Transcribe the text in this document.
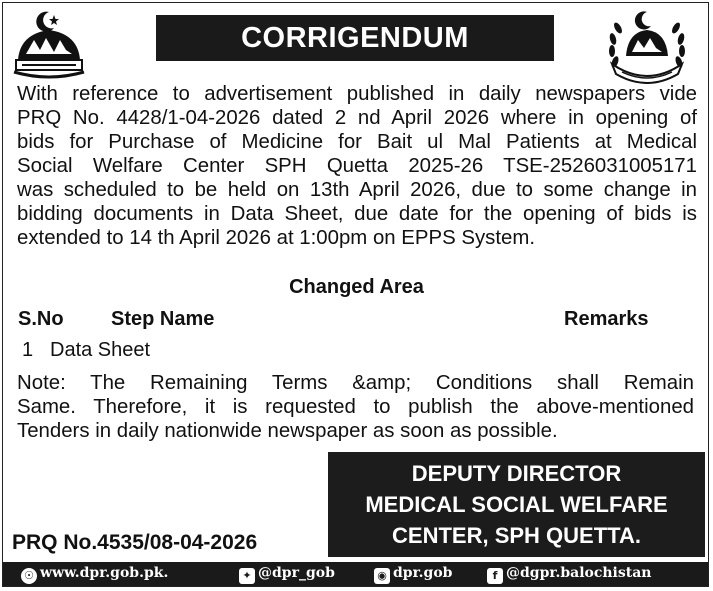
CORRIGENDUM
With reference to advertisement published in daily newspapers vide
PRQ No. 4428/1-04-2026 dated 2 nd April 2026 where in opening of
bids for Purchase of Medicine for Bait ul Mal Patients at Medical
Social Welfare Center SPH Quetta 2025-26 TSE-2526031005171
was scheduled to be held on 13th April 2026, due to some change in
bidding documents in Data Sheet, due date for the opening of bids is
extended to 14 th April 2026 at 1:00pm on EPPS System.
Changed Area
S.No Step Name	Remarks
1 Data Sheet
Note: The Remaining Terms &amp; Conditions shall Remain
Same. Therefore, it is requested to publish the above-mentioned
Tenders in daily nationwide newspaper as soon as possible.
DEPUTY DIRECTOR
MEDICAL SOCIAL WELFARE
CENTER, SPH QUETTA.
PRQ No.4535/08-04-2026
☉ www.dpr.gob.pk.	✦ @dpr_gob	◉ dpr.gob	f @dgpr.balochistan
